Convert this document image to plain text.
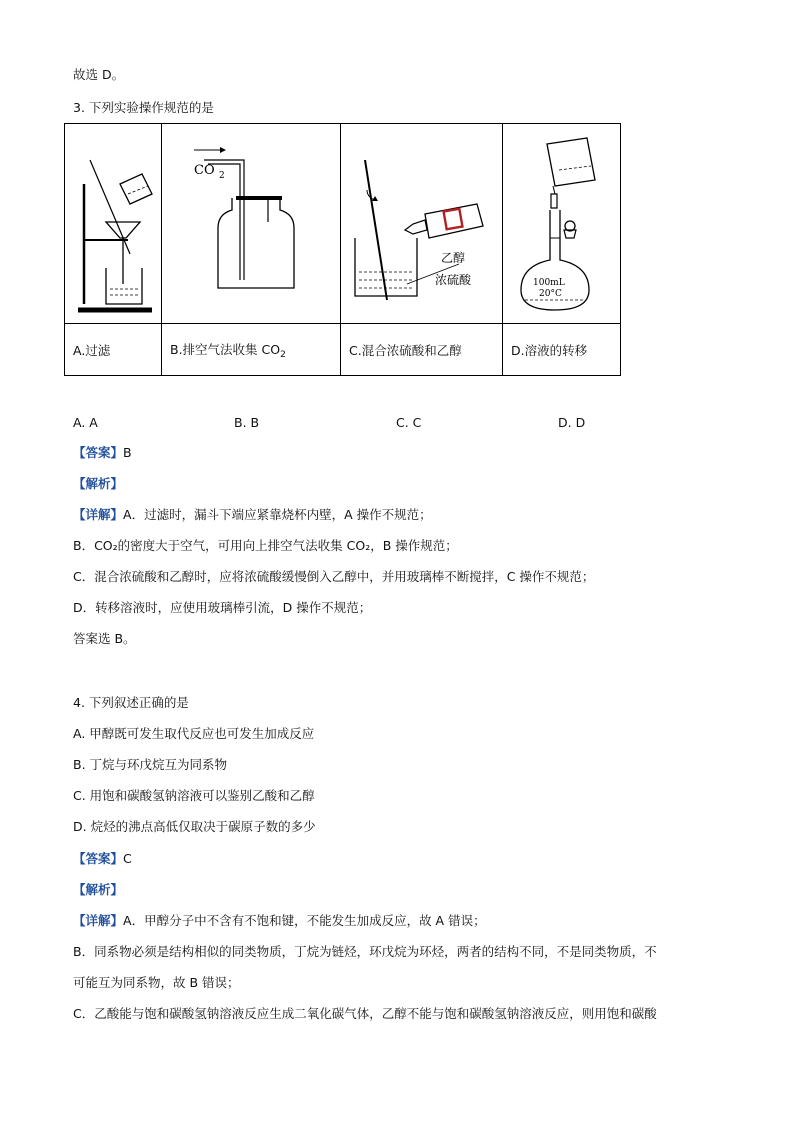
故选 D。
3. 下列实验操作规范的是

CO 2	乙醇
浓硫酸	100mL
20°C

A.过滤	B.排空气法收集 $CO_2$	C.混合浓硫酸和乙醇	D.溶液的转移
A. A	B. B	C. C	D. D
【答案】B
【解析】
【详解】A．过滤时，漏斗下端应紧靠烧杯内壁，A 操作不规范；
B．CO₂的密度大于空气，可用向上排空气法收集 CO₂，B 操作规范；
C．混合浓硫酸和乙醇时，应将浓硫酸缓慢倒入乙醇中，并用玻璃棒不断搅拌，C 操作不规范；
D．转移溶液时，应使用玻璃棒引流，D 操作不规范；
答案选 B。
4. 下列叙述正确的是
A. 甲醇既可发生取代反应也可发生加成反应
B. 丁烷与环戊烷互为同系物
C. 用饱和碳酸氢钠溶液可以鉴别乙酸和乙醇
D. 烷烃的沸点高低仅取决于碳原子数的多少
【答案】C
【解析】
【详解】A．甲醇分子中不含有不饱和键，不能发生加成反应，故 A 错误；
B．同系物必须是结构相似的同类物质，丁烷为链烃，环戊烷为环烃，两者的结构不同，不是同类物质，不
可能互为同系物，故 B 错误；
C．乙酸能与饱和碳酸氢钠溶液反应生成二氧化碳气体，乙醇不能与饱和碳酸氢钠溶液反应，则用饱和碳酸
